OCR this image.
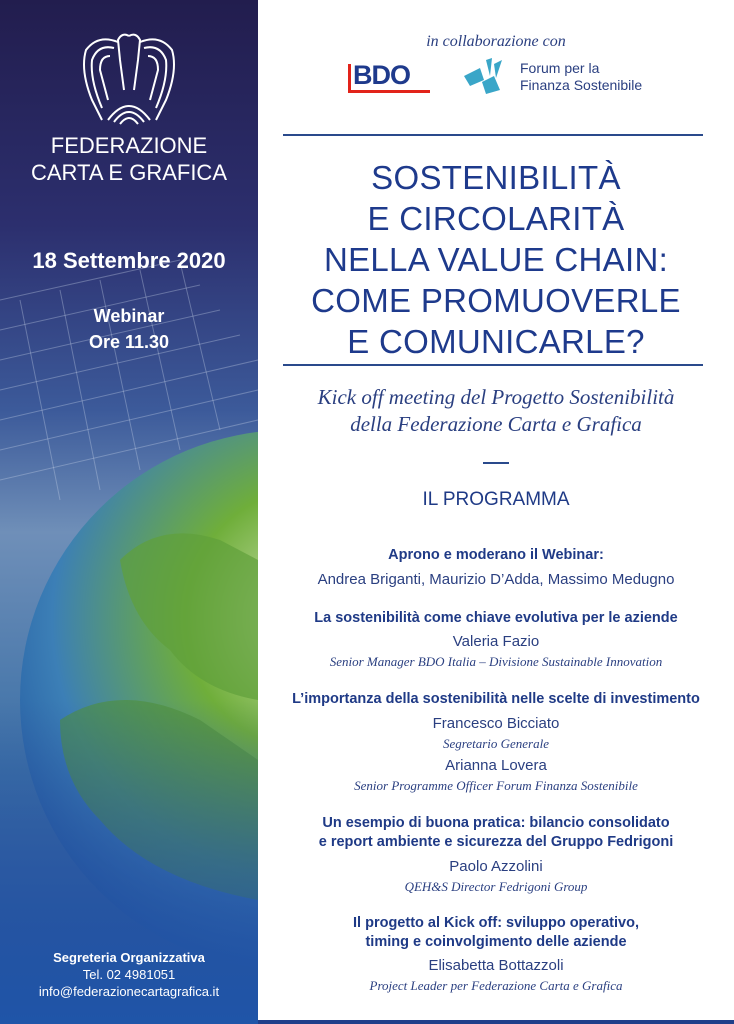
FEDERAZIONE
CARTA E GRAFICA
18 Settembre 2020
Webinar
Ore 11.30
Segreteria Organizzativa
Tel. 02 4981051
info@federazionecartagrafica.it
in collaborazione con
BDO	Forum per la
Finanza Sostenibile
SOSTENIBILITÀ
E CIRCOLARITÀ
NELLA VALUE CHAIN:
COME PROMUOVERLE
E COMUNICARLE?
Kick off meeting del Progetto Sostenibilità
della Federazione Carta e Grafica
IL PROGRAMMA
Aprono e moderano il Webinar:
Andrea Briganti, Maurizio D’Adda, Massimo Medugno
La sostenibilità come chiave evolutiva per le aziende
Valeria Fazio
Senior Manager BDO Italia – Divisione Sustainable Innovation
L’importanza della sostenibilità nelle scelte di investimento
Francesco Bicciato
Segretario Generale
Arianna Lovera
Senior Programme Officer Forum Finanza Sostenibile
Un esempio di buona pratica: bilancio consolidato
e report ambiente e sicurezza del Gruppo Fedrigoni
Paolo Azzolini
QEH&S Director Fedrigoni Group
Il progetto al Kick off: sviluppo operativo,
timing e coinvolgimento delle aziende
Elisabetta Bottazzoli
Project Leader per Federazione Carta e Grafica
